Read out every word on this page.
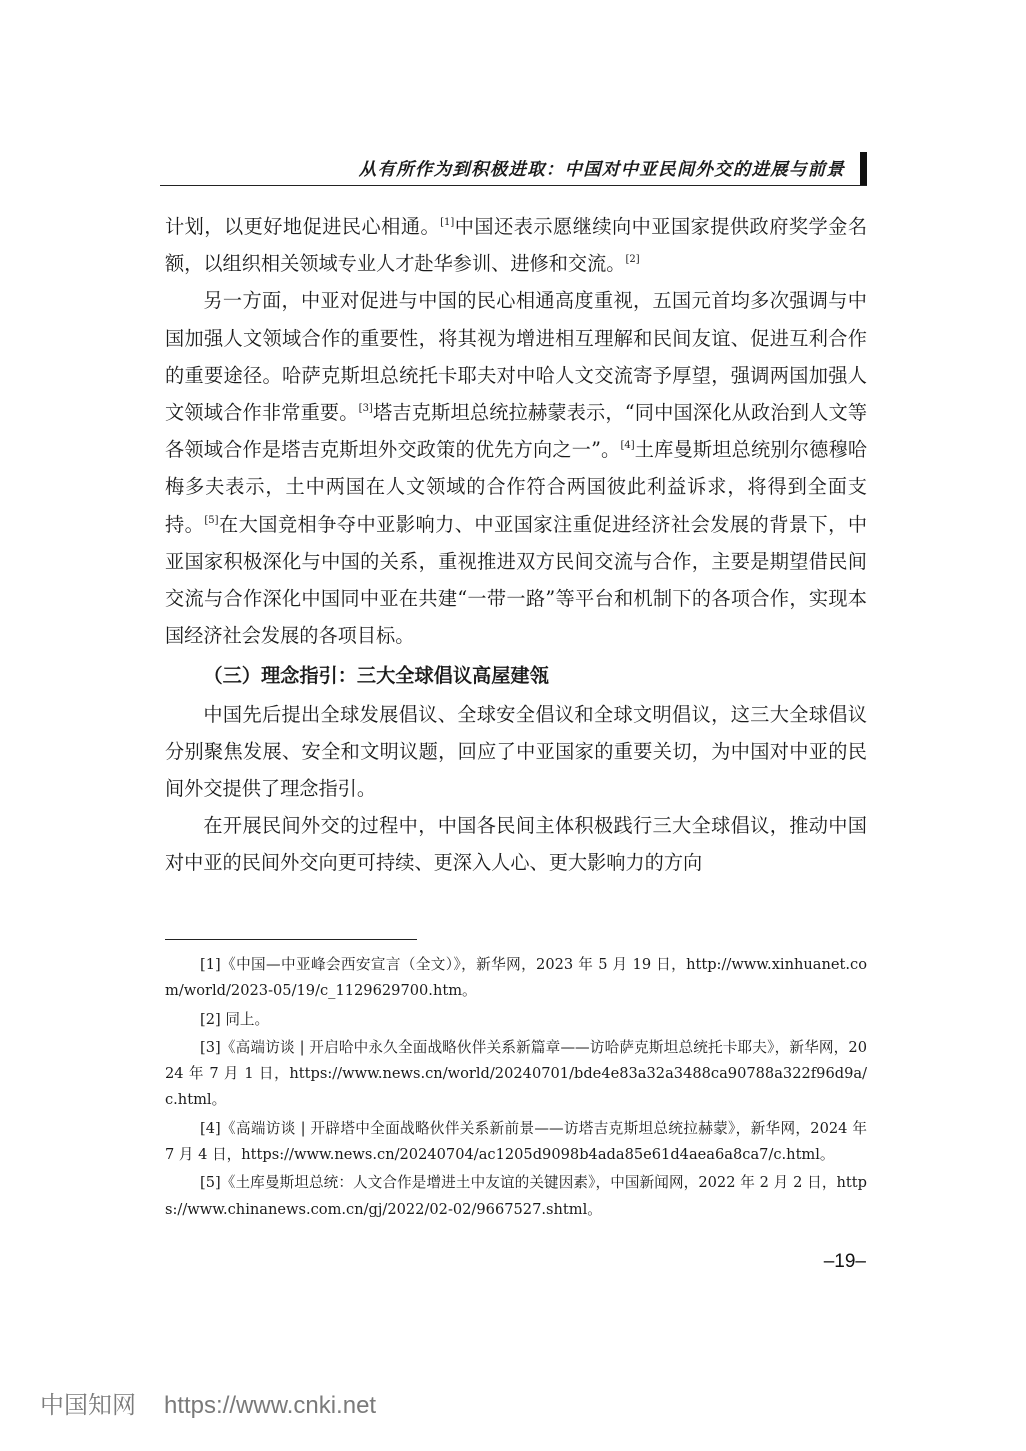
从有所作为到积极进取：中国对中亚民间外交的进展与前景

计划，以更好地促进民心相通。[1]中国还表示愿继续向中亚国家提供政府奖学金名额，以组织相关领域专业人才赴华参训、进修和交流。[2]

另一方面，中亚对促进与中国的民心相通高度重视，五国元首均多次强调与中国加强人文领域合作的重要性，将其视为增进相互理解和民间友谊、促进互利合作的重要途径。哈萨克斯坦总统托卡耶夫对中哈人文交流寄予厚望，强调两国加强人文领域合作非常重要。[3]塔吉克斯坦总统拉赫蒙表示，“同中国深化从政治到人文等各领域合作是塔吉克斯坦外交政策的优先方向之一”。[4]土库曼斯坦总统别尔德穆哈梅多夫表示，土中两国在人文领域的合作符合两国彼此利益诉求，将得到全面支持。[5]在大国竞相争夺中亚影响力、中亚国家注重促进经济社会发展的背景下，中亚国家积极深化与中国的关系，重视推进双方民间交流与合作，主要是期望借民间交流与合作深化中国同中亚在共建“一带一路”等平台和机制下的各项合作，实现本国经济社会发展的各项目标。

（三）理念指引：三大全球倡议高屋建瓴

中国先后提出全球发展倡议、全球安全倡议和全球文明倡议，这三大全球倡议分别聚焦发展、安全和文明议题，回应了中亚国家的重要关切，为中国对中亚的民间外交提供了理念指引。

在开展民间外交的过程中，中国各民间主体积极践行三大全球倡议，推动中国对中亚的民间外交向更可持续、更深入人心、更大影响力的方向

[1]《中国—中亚峰会西安宣言（全文）》，新华网，2023 年 5 月 19 日，http://www.xinhuanet.com/world/2023-05/19/c_1129629700.htm。

[2] 同上。

[3]《高端访谈 | 开启哈中永久全面战略伙伴关系新篇章——访哈萨克斯坦总统托卡耶夫》，新华网，2024 年 7 月 1 日，https://www.news.cn/world/20240701/bde4e83a32a3488ca90788a322f96d9a/c.html。

[4]《高端访谈 | 开辟塔中全面战略伙伴关系新前景——访塔吉克斯坦总统拉赫蒙》，新华网，2024 年 7 月 4 日，https://www.news.cn/20240704/ac1205d9098b4ada85e61d4aea6a8ca7/c.html。

[5]《土库曼斯坦总统：人文合作是增进土中友谊的关键因素》，中国新闻网，2022 年 2 月 2 日，https://www.chinanews.com.cn/gj/2022/02-02/9667527.shtml。

–19–
中国知网 https://www.cnki.net
